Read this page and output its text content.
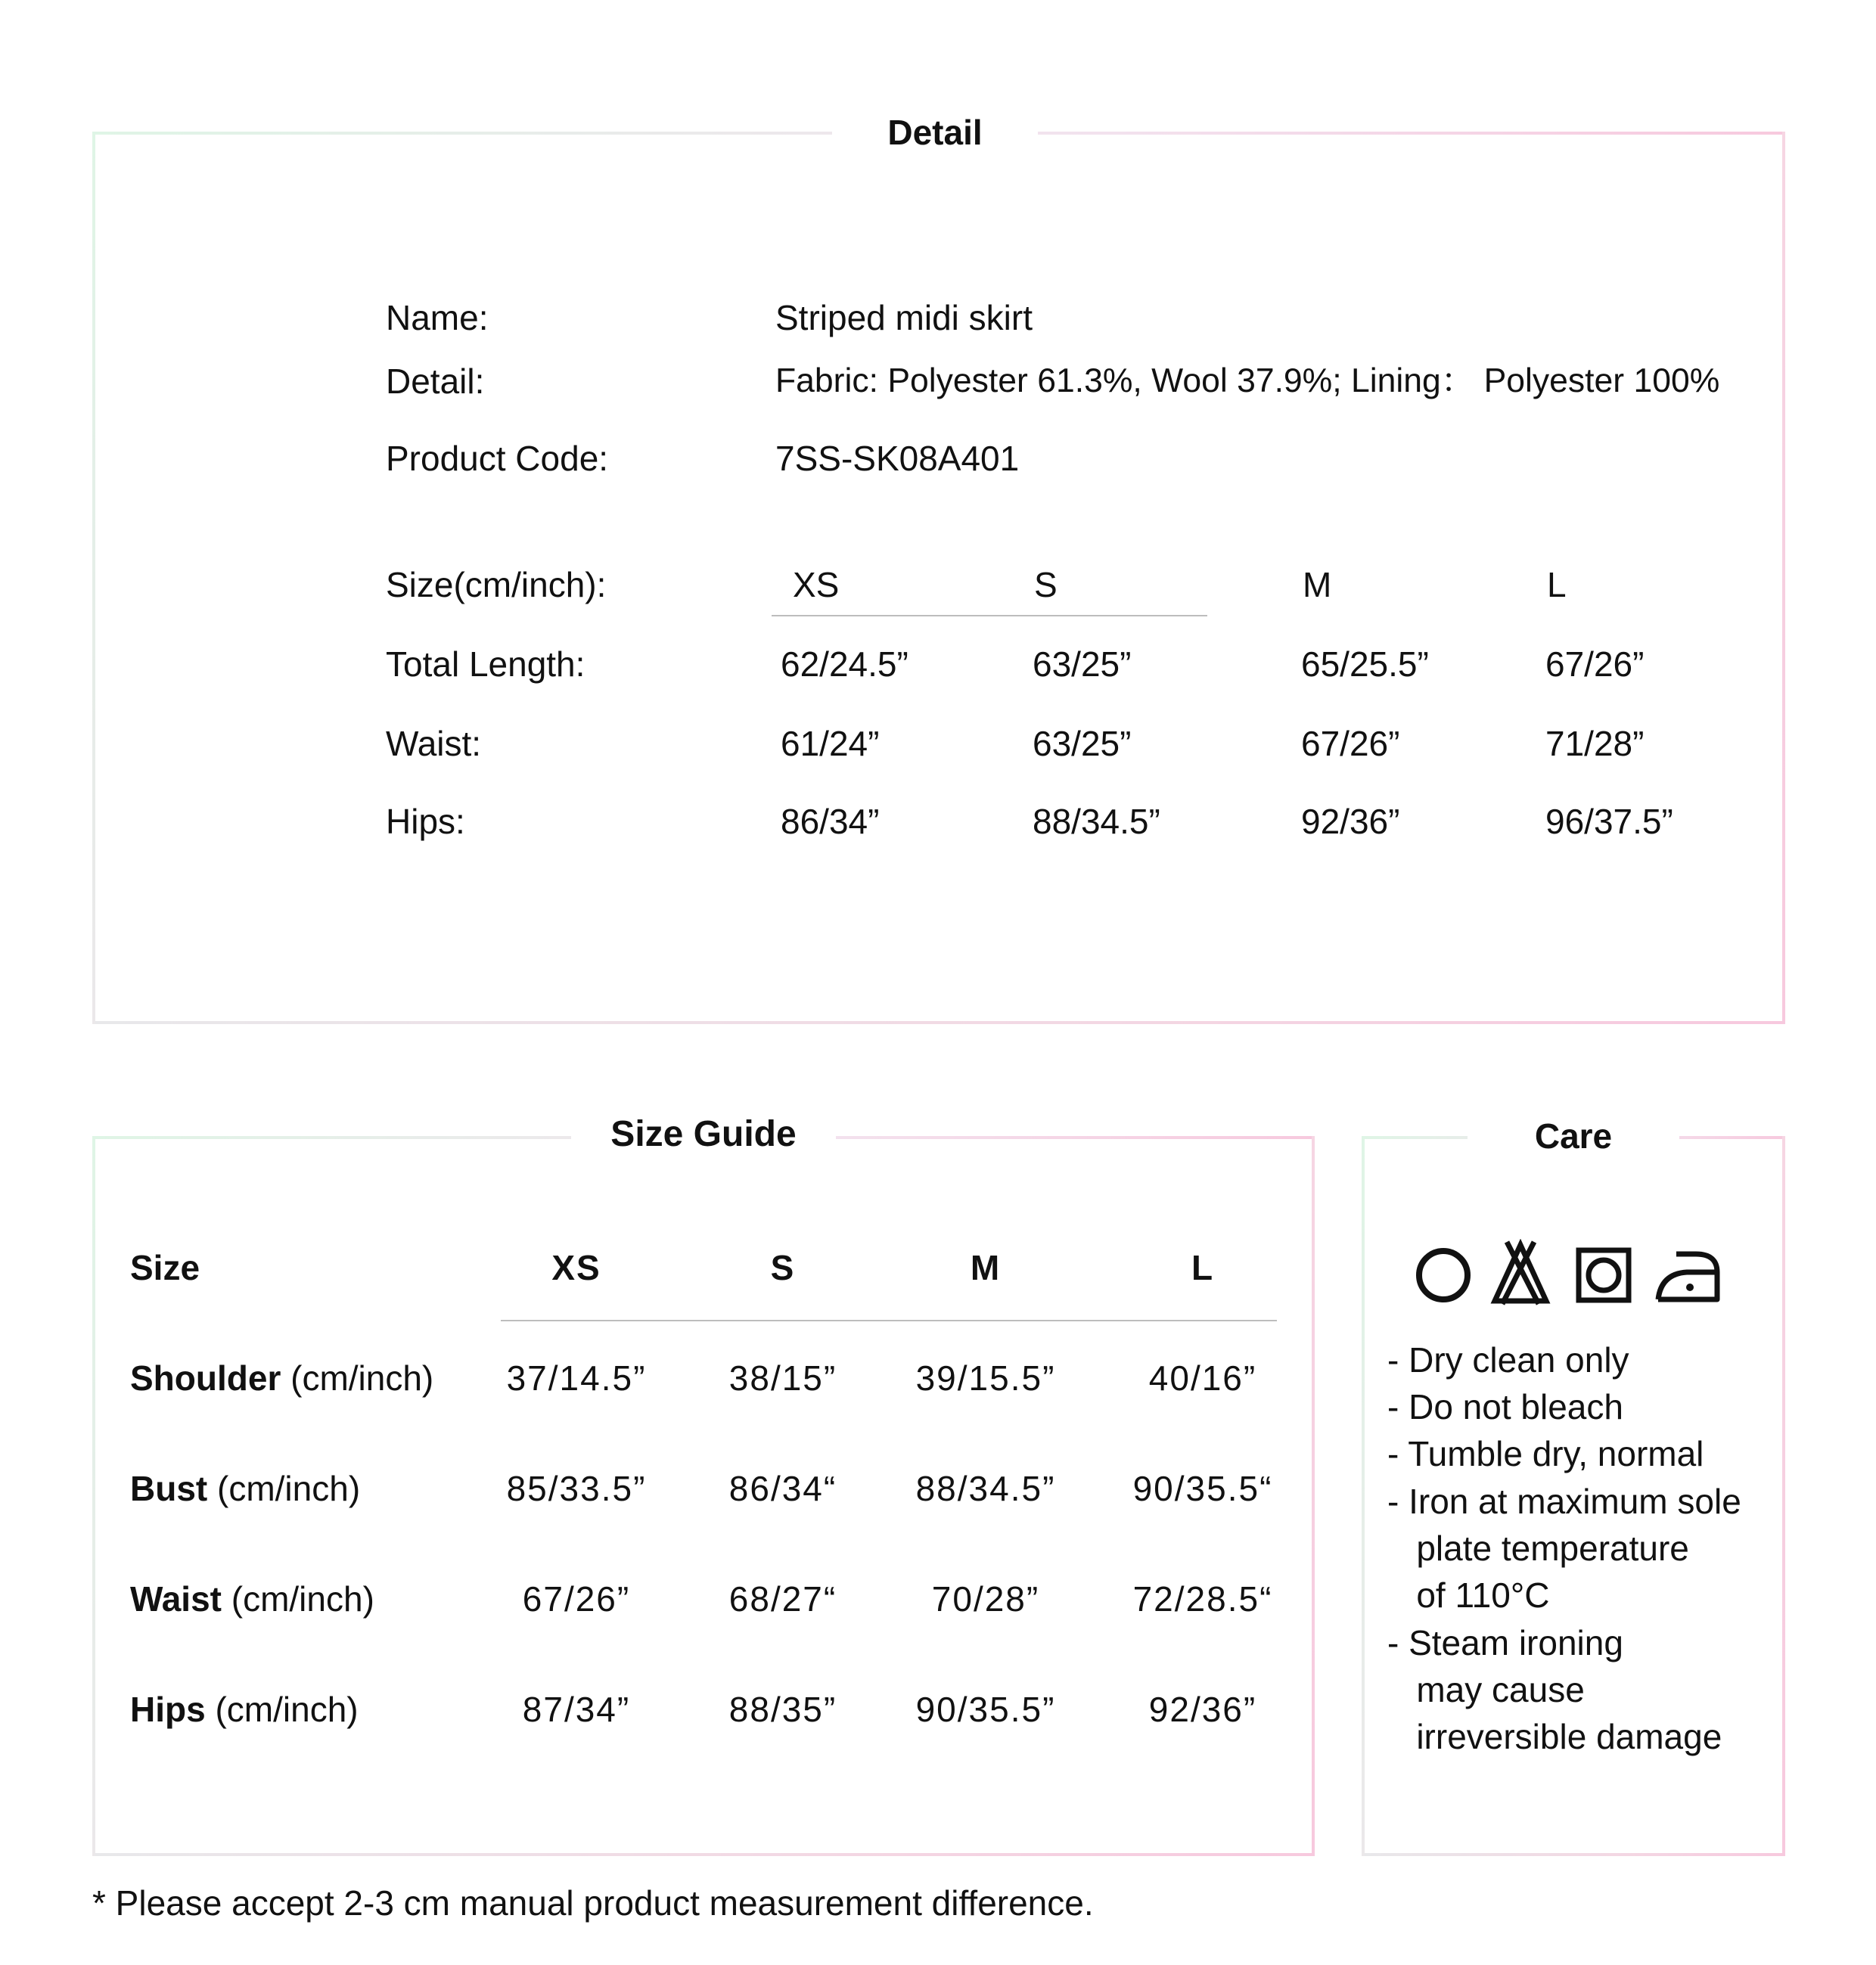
Detail
Name:	Striped midi skirt
Detail:	Fabric: Polyester 61.3%, Wool 37.9%; Lining： Polyester 100%
Product Code:	7SS-SK08A401
Size(cm/inch):	XS	S	M	L
Total Length:	62/24.5”	63/25”	65/25.5”	67/26”
Waist:	61/24”	63/25”	67/26”	71/28”
Hips:	86/34”	88/34.5”	92/36”	96/37.5”
Size Guide
Size	XS	S	M	L
Shoulder (cm/inch)	37/14.5”	38/15”	39/15.5”	40/16”
Bust (cm/inch)	85/33.5”	86/34“	88/34.5”	90/35.5“
Waist (cm/inch)	67/26”	68/27“	70/28”	72/28.5“
Hips (cm/inch)	87/34”	88/35”	90/35.5”	92/36”
Care
- Dry clean only
- Do not bleach
- Tumble dry, normal
- Iron at maximum sole
plate temperature
of 110°C
- Steam ironing
may cause
irreversible damage
* Please accept 2-3 cm manual product measurement difference.
